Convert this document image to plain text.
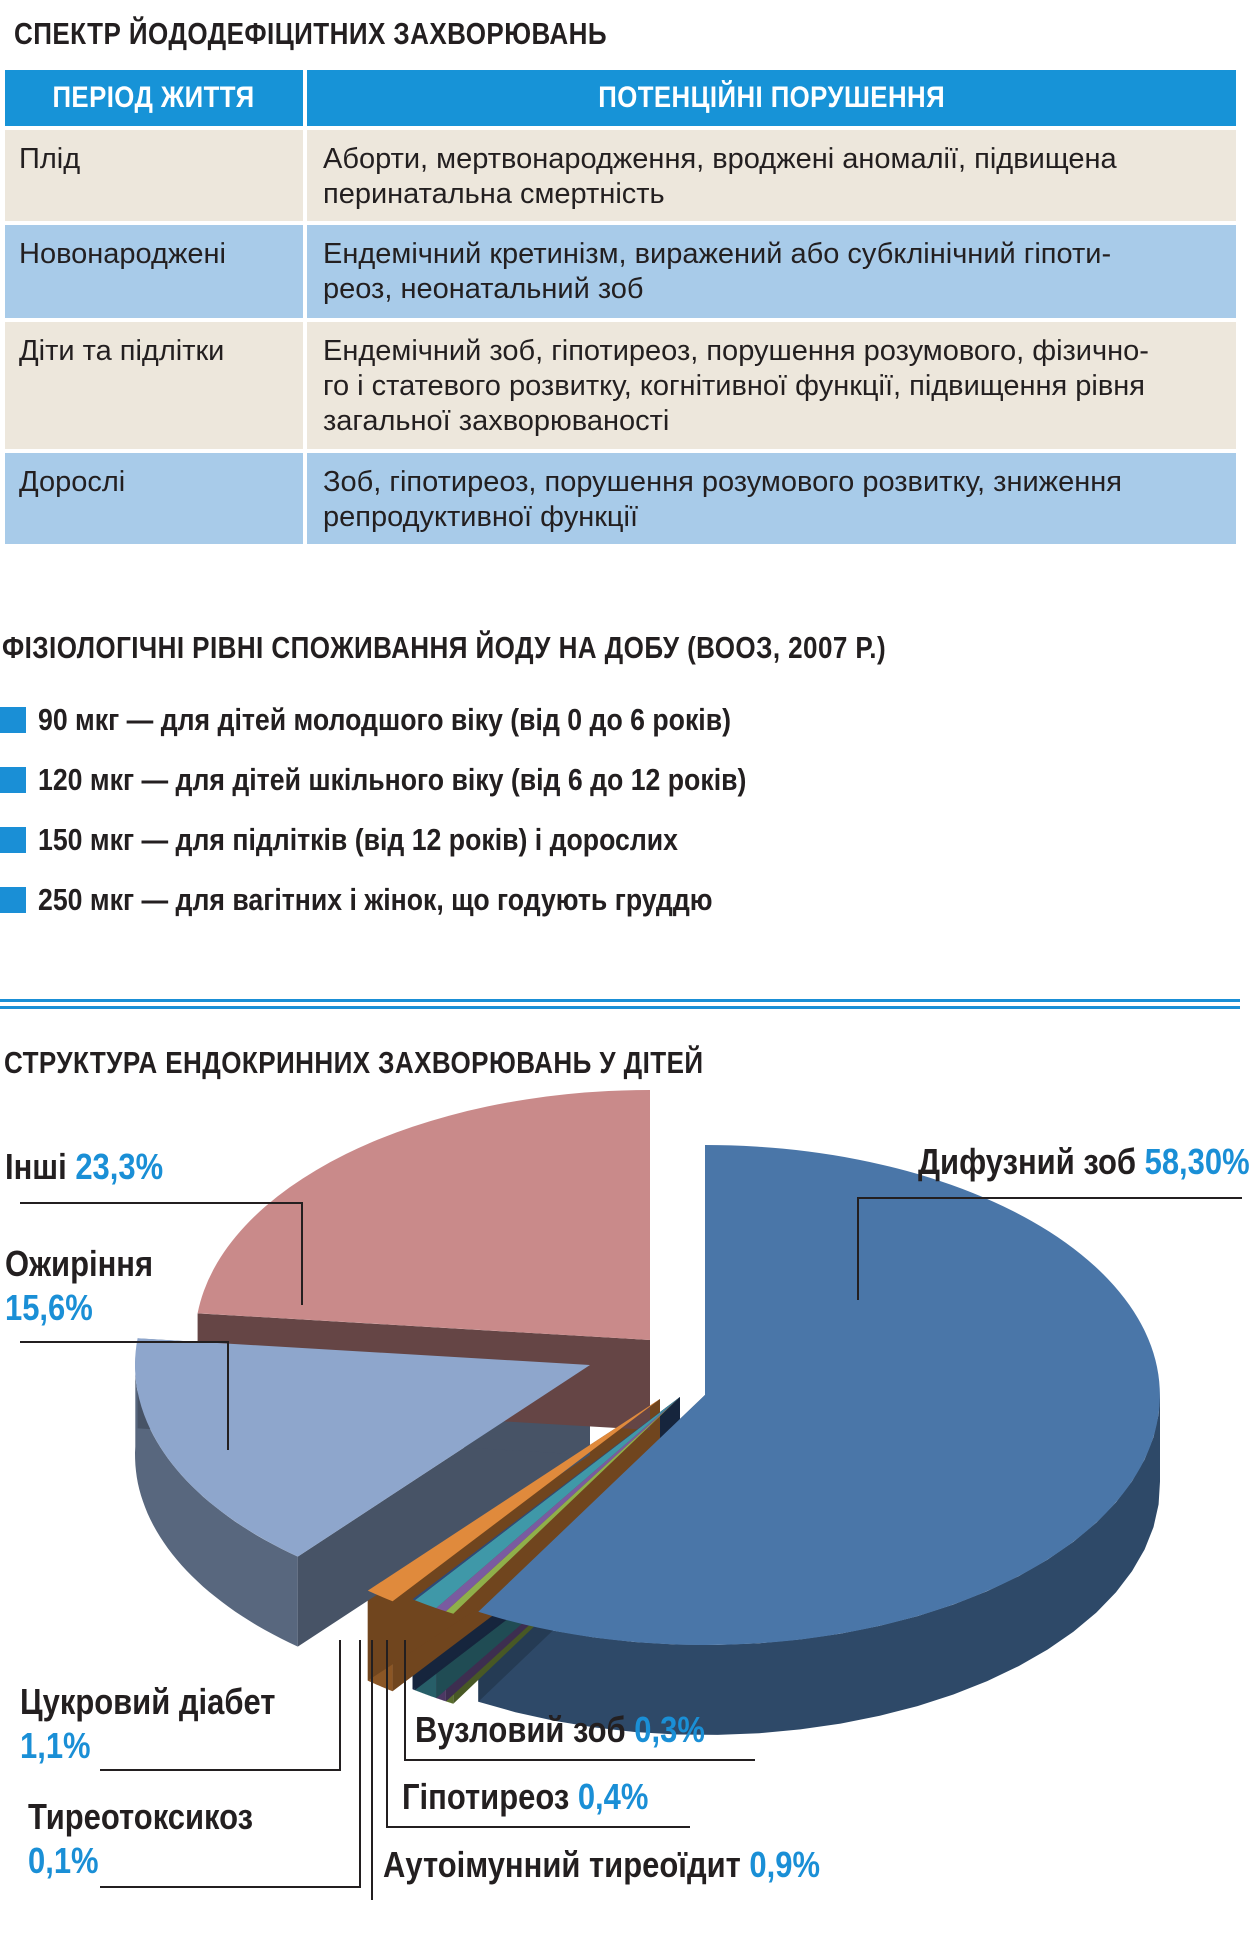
СПЕКТР ЙОДОДЕФІЦИТНИХ ЗАХВОРЮВАНЬ
ПЕРІОД ЖИТТЯ	ПОТЕНЦІЙНІ ПОРУШЕННЯ
Плід	Аборти, мертвонародження, вроджені аномалії, підвищена
перинатальна смертність
Новонароджені	Ендемічний кретинізм, виражений або субклінічний гіпоти-
реоз, неонатальний зоб
Діти та підлітки	Ендемічний зоб, гіпотиреоз, порушення розумового, фізично-
го і статевого розвитку, когнітивної функції, підвищення рівня
загальної захворюваності
Дорослі	Зоб, гіпотиреоз, порушення розумового розвитку, зниження
репродуктивної функції
ФІЗІОЛОГІЧНІ РІВНІ СПОЖИВАННЯ ЙОДУ НА ДОБУ (ВООЗ, 2007 Р.)
90 мкг — для дітей молодшого віку (від 0 до 6 років)
120 мкг — для дітей шкільного віку (від 6 до 12 років)
150 мкг — для підлітків (від 12 років) і дорослих
250 мкг — для вагітних і жінок, що годують груддю
СТРУКТУРА ЕНДОКРИННИХ ЗАХВОРЮВАНЬ У ДІТЕЙ
Інші 23,3%
Ожиріння
15,6%
Дифузний зоб 58,30%
Цукровий діабет
1,1%
Тиреотоксикоз
0,1%
Вузловий зоб 0,3%
Гіпотиреоз 0,4%
Аутоімунний тиреоїдит 0,9%
